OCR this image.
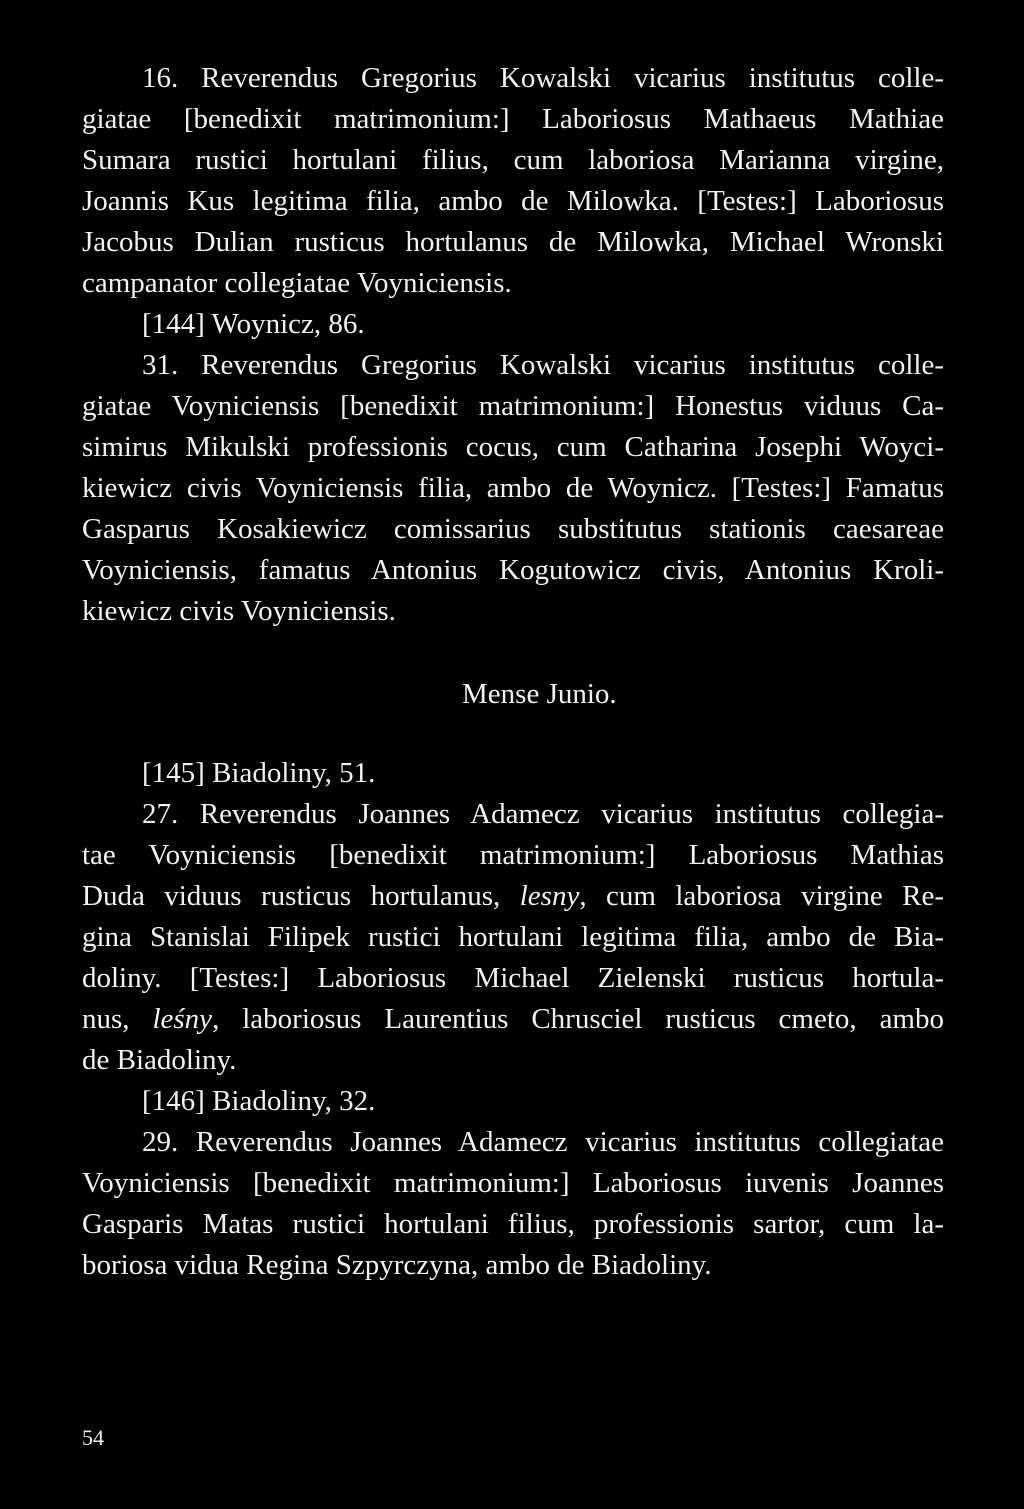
16. Reverendus Gregorius Kowalski vicarius institutus colle-
giatae [benedixit matrimonium:] Laboriosus Mathaeus Mathiae
Sumara rustici hortulani filius, cum laboriosa Marianna virgine,
Joannis Kus legitima filia, ambo de Milowka. [Testes:] Laboriosus
Jacobus Dulian rusticus hortulanus de Milowka, Michael Wronski
campanator collegiatae Voyniciensis.
[144] Woynicz, 86.
31. Reverendus Gregorius Kowalski vicarius institutus colle-
giatae Voyniciensis [benedixit matrimonium:] Honestus viduus Ca-
simirus Mikulski professionis cocus, cum Catharina Josephi Woyci-
kiewicz civis Voyniciensis filia, ambo de Woynicz. [Testes:] Famatus
Gasparus Kosakiewicz comissarius substitutus stationis caesareae
Voyniciensis, famatus Antonius Kogutowicz civis, Antonius Kroli-
kiewicz civis Voyniciensis.
Mense Junio.
[145] Biadoliny, 51.
27. Reverendus Joannes Adamecz vicarius institutus collegia-
tae Voyniciensis [benedixit matrimonium:] Laboriosus Mathias
Duda viduus rusticus hortulanus, lesny, cum laboriosa virgine Re-
gina Stanislai Filipek rustici hortulani legitima filia, ambo de Bia-
doliny. [Testes:] Laboriosus Michael Zielenski rusticus hortula-
nus, leśny, laboriosus Laurentius Chrusciel rusticus cmeto, ambo
de Biadoliny.
[146] Biadoliny, 32.
29. Reverendus Joannes Adamecz vicarius institutus collegiatae
Voyniciensis [benedixit matrimonium:] Laboriosus iuvenis Joannes
Gasparis Matas rustici hortulani filius, professionis sartor, cum la-
boriosa vidua Regina Szpyrczyna, ambo de Biadoliny.
54
